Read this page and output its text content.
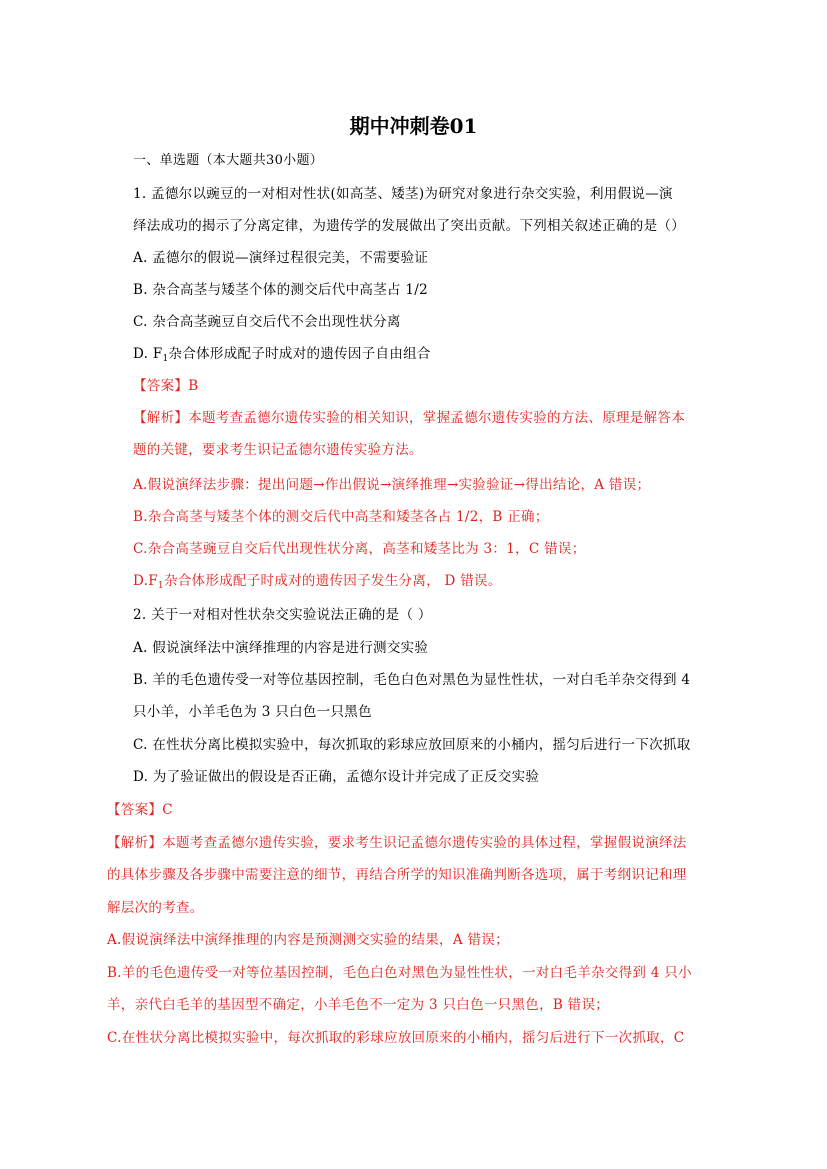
期中冲刺卷01
一、单选题（本大题共30小题）
1. 孟德尔以豌豆的一对相对性状(如高茎、矮茎)为研究对象进行杂交实验，利用假说—演
绎法成功的揭示了分离定律，为遗传学的发展做出了突出贡献。下列相关叙述正确的是（）
A. 孟德尔的假说—演绎过程很完美，不需要验证
B. 杂合高茎与矮茎个体的测交后代中高茎占 1/2
C. 杂合高茎豌豆自交后代不会出现性状分离
D. $F_1$杂合体形成配子时成对的遗传因子自由组合
【答案】B
【解析】本题考查孟德尔遗传实验的相关知识，掌握孟德尔遗传实验的方法、原理是解答本
题的关键，要求考生识记孟德尔遗传实验方法。
A.假说演绎法步骤：提出问题→作出假说→演绎推理→实验验证→得出结论，A 错误；
B.杂合高茎与矮茎个体的测交后代中高茎和矮茎各占 1/2，B 正确；
C.杂合高茎豌豆自交后代出现性状分离，高茎和矮茎比为 3：1，C 错误；
$D.F_1$杂合体形成配子时成对的遗传因子发生分离， D 错误。
2. 关于一对相对性状杂交实验说法正确的是（ ）
A. 假说演绎法中演绎推理的内容是进行测交实验
B. 羊的毛色遗传受一对等位基因控制，毛色白色对黑色为显性性状，一对白毛羊杂交得到 4
只小羊，小羊毛色为 3 只白色一只黑色
C. 在性状分离比模拟实验中，每次抓取的彩球应放回原来的小桶内，摇匀后进行一下次抓取
D. 为了验证做出的假设是否正确，孟德尔设计并完成了正反交实验
【答案】C
【解析】本题考查孟德尔遗传实验，要求考生识记孟德尔遗传实验的具体过程，掌握假说演绎法
的具体步骤及各步骤中需要注意的细节，再结合所学的知识准确判断各选项，属于考纲识记和理
解层次的考查。
A.假说演绎法中演绎推理的内容是预测测交实验的结果，A 错误；
B.羊的毛色遗传受一对等位基因控制，毛色白色对黑色为显性性状，一对白毛羊杂交得到 4 只小
羊，亲代白毛羊的基因型不确定，小羊毛色不一定为 3 只白色一只黑色，B 错误；
C.在性状分离比模拟实验中，每次抓取的彩球应放回原来的小桶内，摇匀后进行下一次抓取，C
